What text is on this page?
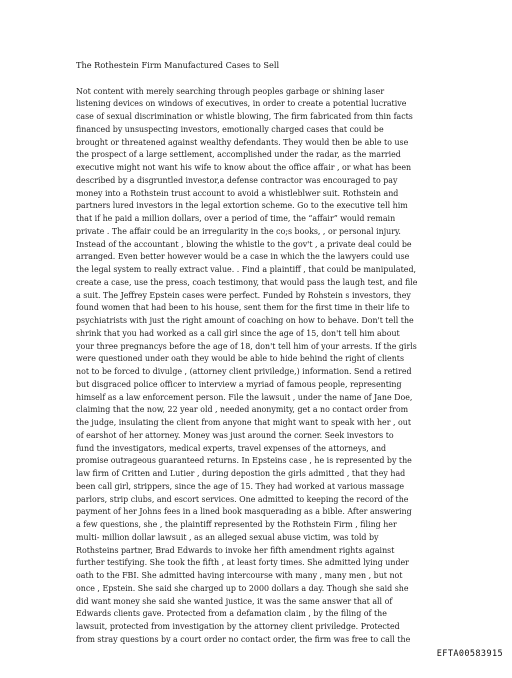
The Rothestein Firm Manufactured Cases to Sell
Not content with merely searching through peoples garbage or shining laser
listening devices on windows of executives, in order to create a potential lucrative
case of sexual discrimination or whistle blowing, The firm fabricated from thin facts
financed by unsuspecting investors, emotionally charged cases that could be
brought or threatened against wealthy defendants. They would then be able to use
the prospect of a large settlement, accomplished under the radar, as the married
executive might not want his wife to know about the office affair , or what has been
described by a disgruntled investor,a defense contractor was encouraged to pay
money into a Rothstein trust account to avoid a whistleblwer suit. Rothstein and
partners lured investors in the legal extortion scheme. Go to the executive tell him
that if he paid a million dollars, over a period of time, the “affair” would remain
private . The affair could be an irregularity in the co;s books, , or personal injury.
Instead of the accountant , blowing the whistle to the gov't , a private deal could be
arranged. Even better however would be a case in which the the lawyers could use
the legal system to really extract value. . Find a plaintiff , that could be manipulated,
create a case, use the press, coach testimony, that would pass the laugh test, and file
a suit. The Jeffrey Epstein cases were perfect. Funded by Rohstein s investors, they
found women that had been to his house, sent them for the first time in their life to
psychiatrists with just the right amount of coaching on how to behave. Don't tell the
shrink that you had worked as a call girl since the age of 15, don't tell him about
your three pregnancys before the age of 18, don't tell him of your arrests. If the girls
were questioned under oath they would be able to hide behind the right of clients
not to be forced to divulge , (attorney client priviledge,) information. Send a retired
but disgraced police officer to interview a myriad of famous people, representing
himself as a law enforcement person. File the lawsuit , under the name of Jane Doe,
claiming that the now, 22 year old , needed anonymity, get a no contact order from
the judge, insulating the client from anyone that might want to speak with her , out
of earshot of her attorney. Money was just around the corner. Seek investors to
fund the investigators, medical experts, travel expenses of the attorneys, and
promise outrageous guaranteed returns. In Epsteins case , he is represented by the
law firm of Critten and Lutier , during depostion the girls admitted , that they had
been call girl, strippers, since the age of 15. They had worked at various massage
parlors, strip clubs, and escort services. One admitted to keeping the record of the
payment of her Johns fees in a lined book masquerading as a bible. After answering
a few questions, she , the plaintiff represented by the Rothstein Firm , filing her
multi- million dollar lawsuit , as an alleged sexual abuse victim, was told by
Rothsteins partner, Brad Edwards to invoke her fifth amendment rights against
further testifying. She took the fifth , at least forty times. She admitted lying under
oath to the FBI. She admitted having intercourse with many , many men , but not
once , Epstein. She said she charged up to 2000 dollars a day. Though she said she
did want money she said she wanted justice, it was the same answer that all of
Edwards clients gave. Protected from a defamation claim , by the filing of the
lawsuit, protected from investigation by the attorney client priviledge. Protected
from stray questions by a court order no contact order, the firm was free to call the
EFTA00583915
